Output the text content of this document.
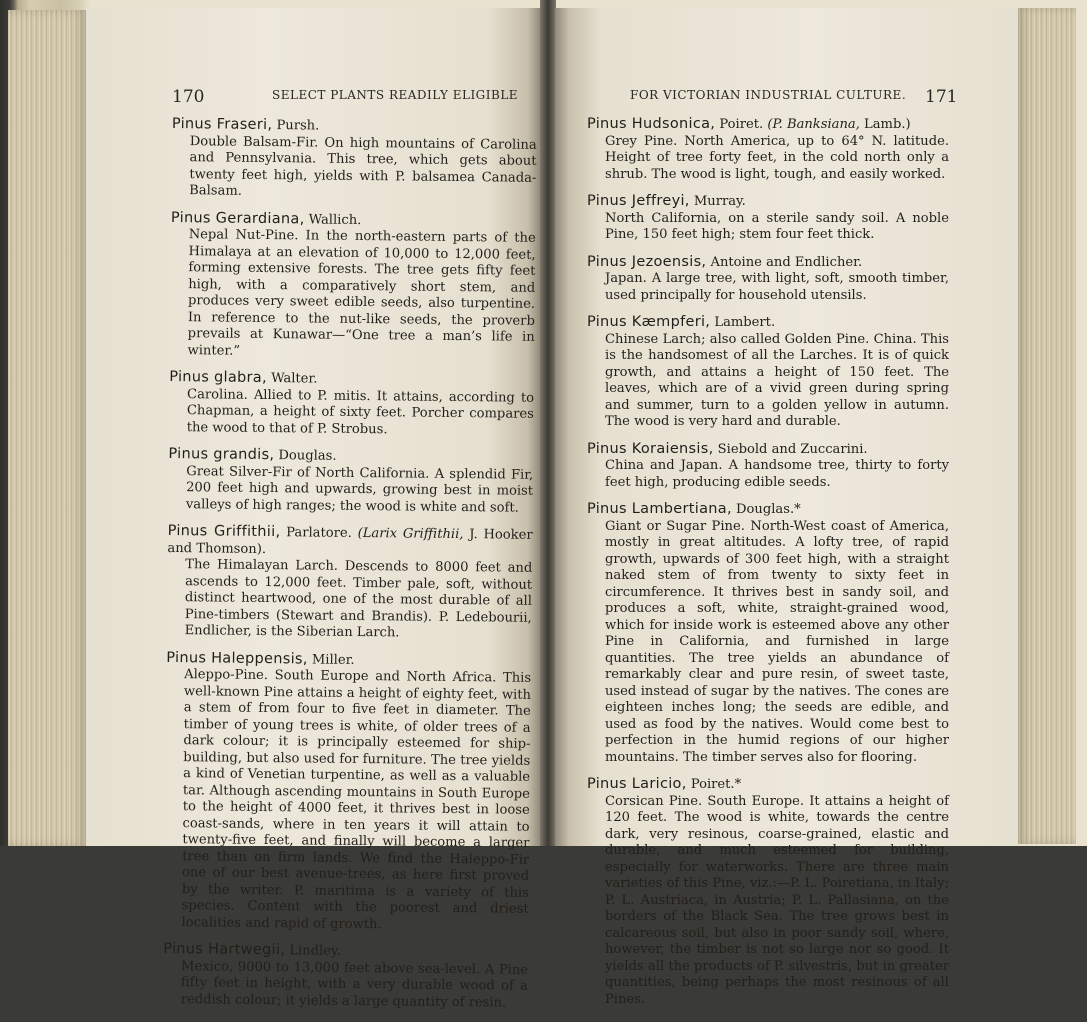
170	SELECT PLANTS READILY ELIGIBLE
Pinus Fraseri, Pursh.
Double Balsam-Fir. On high mountains of Carolina and Pennsylvania. This tree, which gets about twenty feet high, yields with P. balsamea Canada-Balsam.
Pinus Gerardiana, Wallich.
Nepal Nut-Pine. In the north-eastern parts of the Himalaya at an elevation of 10,000 to 12,000 feet, forming extensive forests. The tree gets fifty feet high, with a comparatively short stem, and produces very sweet edible seeds, also turpentine. In reference to the nut-like seeds, the proverb prevails at Kunawar—“One tree a man’s life in winter.”
Pinus glabra, Walter.
Carolina. Allied to P. mitis. It attains, according to Chapman, a height of sixty feet. Porcher compares the wood to that of P. Strobus.
Pinus grandis, Douglas.
Great Silver-Fir of North California. A splendid Fir, 200 feet high and upwards, growing best in moist valleys of high ranges; the wood is white and soft.
Pinus Griffithii, Parlatore. (Larix Griffithii, J. Hooker and Thomson).
The Himalayan Larch. Descends to 8000 feet and ascends to 12,000 feet. Timber pale, soft, without distinct heartwood, one of the most durable of all Pine-timbers (Stewart and Brandis). P. Ledebourii, Endlicher, is the Siberian Larch.
Pinus Haleppensis, Miller.
Aleppo-Pine. South Europe and North Africa. This well-known Pine attains a height of eighty feet, with a stem of from four to five feet in diameter. The timber of young trees is white, of older trees of a dark colour; it is principally esteemed for ship-building, but also used for furniture. The tree yields a kind of Venetian turpentine, as well as a valuable tar. Although ascending mountains in South Europe to the height of 4000 feet, it thrives best in loose coast-sands, where in ten years it will attain to twenty-five feet, and finally will become a larger tree than on firm lands. We find the Haleppo-Fir one of our best avenue-trees, as here first proved by the writer. P. maritima is a variety of this species. Content with the poorest and driest localities and rapid of growth.
Pinus Hartwegii, Lindley.
Mexico, 9000 to 13,000 feet above sea-level. A Pine fifty feet in height, with a very durable wood of a reddish colour; it yields a large quantity of resin.
FOR VICTORIAN INDUSTRIAL CULTURE. 171
Pinus Hudsonica, Poiret. (P. Banksiana, Lamb.)
Grey Pine. North America, up to 64° N. latitude. Height of tree forty feet, in the cold north only a shrub. The wood is light, tough, and easily worked.
Pinus Jeffreyi, Murray.
North California, on a sterile sandy soil. A noble Pine, 150 feet high; stem four feet thick.
Pinus Jezoensis, Antoine and Endlicher.
Japan. A large tree, with light, soft, smooth timber, used principally for household utensils.
Pinus Kæmpferi, Lambert.
Chinese Larch; also called Golden Pine. China. This is the handsomest of all the Larches. It is of quick growth, and attains a height of 150 feet. The leaves, which are of a vivid green during spring and summer, turn to a golden yellow in autumn. The wood is very hard and durable.
Pinus Koraiensis, Siebold and Zuccarini.
China and Japan. A handsome tree, thirty to forty feet high, producing edible seeds.
Pinus Lambertiana, Douglas.*
Giant or Sugar Pine. North-West coast of America, mostly in great altitudes. A lofty tree, of rapid growth, upwards of 300 feet high, with a straight naked stem of from twenty to sixty feet in circumference. It thrives best in sandy soil, and produces a soft, white, straight-grained wood, which for inside work is esteemed above any other Pine in California, and furnished in large quantities. The tree yields an abundance of remarkably clear and pure resin, of sweet taste, used instead of sugar by the natives. The cones are eighteen inches long; the seeds are edible, and used as food by the natives. Would come best to perfection in the humid regions of our higher mountains. The timber serves also for flooring.
Pinus Laricio, Poiret.*
Corsican Pine. South Europe. It attains a height of 120 feet. The wood is white, towards the centre dark, very resinous, coarse-grained, elastic and durable, and much esteemed for building, especially for waterworks. There are three main varieties of this Pine, viz.:—P. L. Poiretiana, in Italy; P. L. Austriaca, in Austria; P. L. Pallasiana, on the borders of the Black Sea. The tree grows best in calcareous soil, but also in poor sandy soil, where, however, the timber is not so large nor so good. It yields all the products of P. silvestris, but in greater quantities, being perhaps the most resinous of all Pines.
